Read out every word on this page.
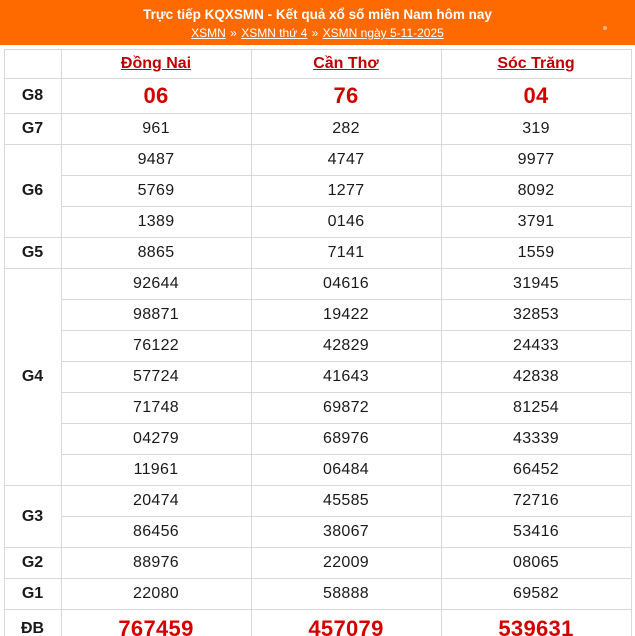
Trực tiếp KQXSMN - Kết quả xổ số miền Nam hôm nay
XSMN » XSMN thứ 4 » XSMN ngày 5-11-2025
	Đồng Nai	Cần Thơ	Sóc Trăng
G8	06	76	04
G7	961	282	319
G6	9487	4747	9977
	5769	1277	8092
	1389	0146	3791
G5	8865	7141	1559
G4	92644	04616	31945
	98871	19422	32853
	76122	42829	24433
	57724	41643	42838
	71748	69872	81254
	04279	68976	43339
	11961	06484	66452
G3	20474	45585	72716
	86456	38067	53416
G2	88976	22009	08065
G1	22080	58888	69582
ĐB	767459	457079	539631
